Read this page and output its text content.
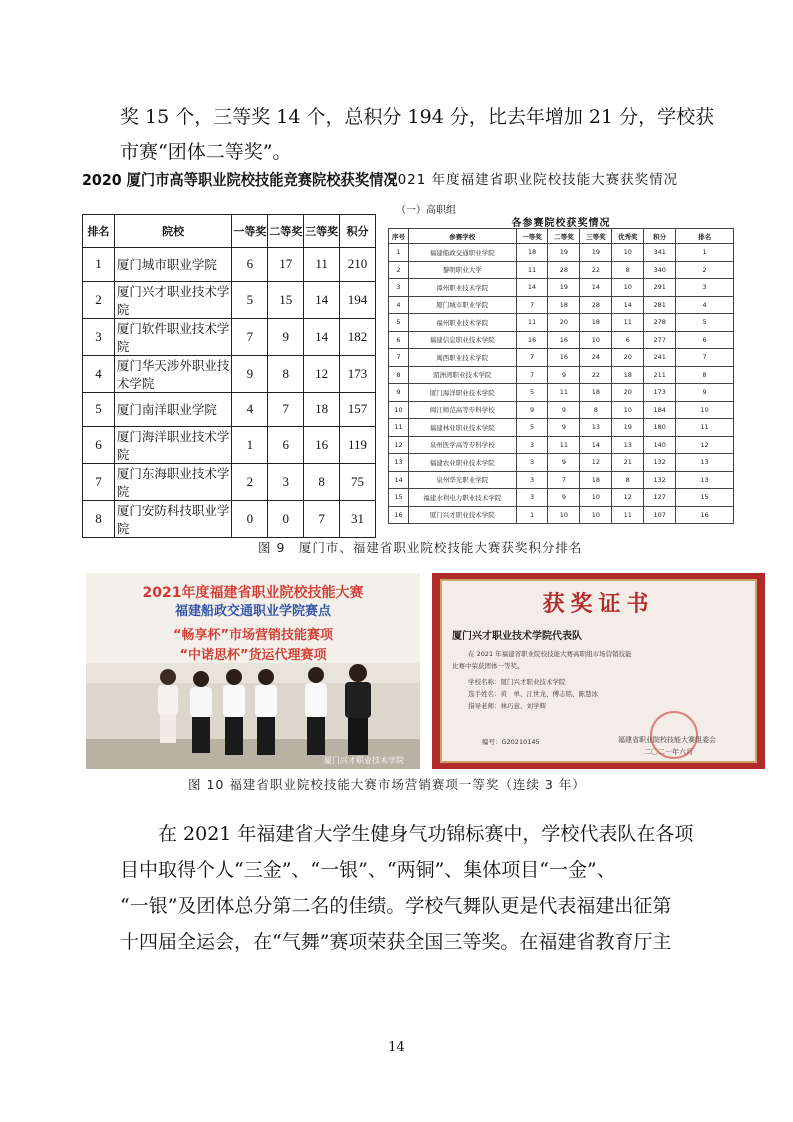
奖 15 个，三等奖 14 个，总积分 194 分，比去年增加 21 分，学校获

市赛“团体二等奖”。

2020 厦门市高等职业院校技能竞赛院校获奖情况
排名	院校	一等奖	二等奖	三等奖	积分
1	厦门城市职业学院	6	17	11	210
2	厦门兴才职业技术学院	5	15	14	194
3	厦门软件职业技术学院	7	9	14	182
4	厦门华天涉外职业技术学院	9	8	12	173
5	厦门南洋职业学院	4	7	18	157
6	厦门海洋职业技术学院	1	6	16	119
7	厦门东海职业技术学院	2	3	8	75
8	厦门安防科技职业学院	0	0	7	31
2021 年度福建省职业院校技能大赛获奖情况
（一）高职组
各参赛院校获奖情况
序号	参赛学校	一等奖	二等奖	三等奖	优秀奖	积分	排名
1	福建船政交通职业学院	18	19	19	10	341	1
2	黎明职业大学	11	28	22	8	340	2
3	漳州职业技术学院	14	19	14	10	291	3
4	厦门城市职业学院	7	18	28	14	281	4
5	福州职业技术学院	11	20	18	11	278	5
6	福建信息职业技术学院	16	16	10	6	277	6
7	闽西职业技术学院	7	16	24	20	241	7
8	湄洲湾职业技术学院	7	9	22	18	211	8
9	厦门海洋职业技术学院	5	11	18	20	173	9
10	闽江师范高等专科学校	9	9	8	10	184	10
11	福建林业职业技术学院	5	9	13	19	180	11
12	泉州医学高等专科学校	3	11	14	13	140	12
13	福建农业职业技术学院	3	9	12	21	132	13
14	泉州华光职业学院	3	7	18	8	132	13
15	福建水利电力职业技术学院	3	9	10	12	127	15
16	厦门兴才职业技术学院	1	10	10	11	107	16
图 9　厦门市、福建省职业院校技能大赛获奖积分排名
2021年度福建省职业院校技能大赛
福建船政交通职业学院赛点
“畅享杯”市场营销技能赛项
“中诺思杯”货运代理赛项
厦门兴才职业技术学院
获奖证书
厦门兴才职业技术学院代表队
在 2021 年福建省职业院校技能大赛高职组市场营销技能
比赛中荣获团体一等奖。
学校名称：厦门兴才职业技术学院
选手姓名：黄　单、江世龙、傅志铭、陈慧冰
指导老师：林巧意、刘学辉
编号：G20210145	福建省职业院校技能大赛组委会
二〇二一年六月
图 10 福建省职业院校技能大赛市场营销赛项一等奖（连续 3 年）

在 2021 年福建省大学生健身气功锦标赛中，学校代表队在各项

目中取得个人“三金”、“一银”、“两铜”、集体项目“一金”、

“一银”及团体总分第二名的佳绩。学校气舞队更是代表福建出征第

十四届全运会，在“气舞”赛项荣获全国三等奖。在福建省教育厅主

14
